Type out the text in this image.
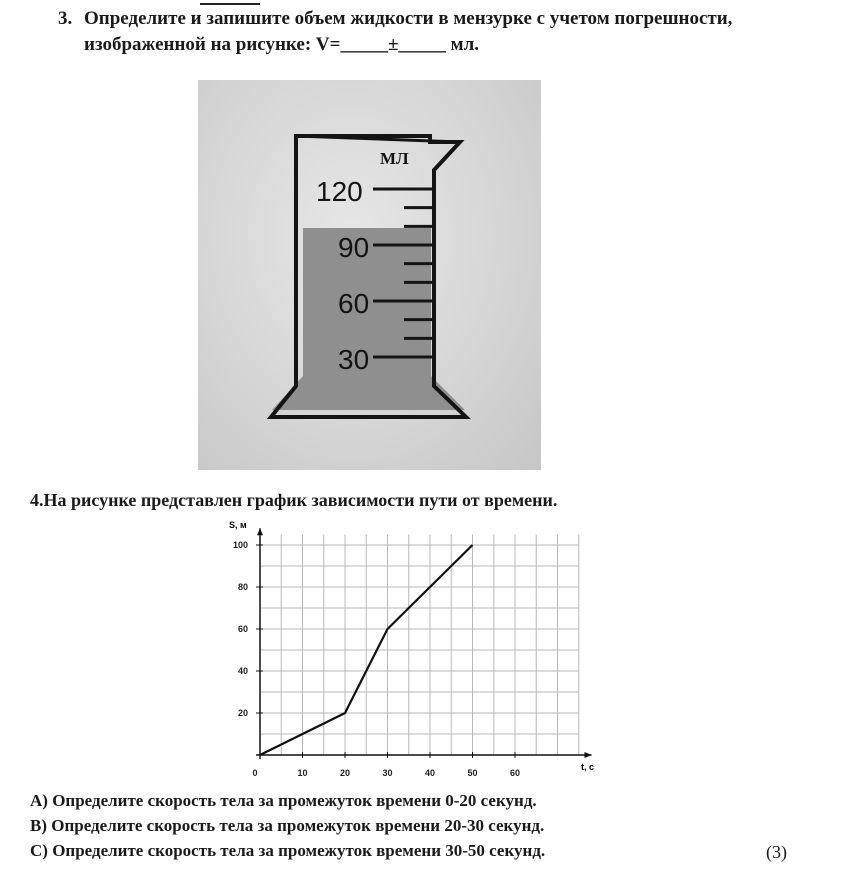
3. Определите и запишите объем жидкости в мензурке с учетом погрешности,
изображенной на рисунке: V=_____±_____ мл.
МЛ
120
90
60
30
4.На рисунке представлен график зависимости пути от времени.
0	10	20	30	40	50	60
20
40
60
80
100
S, м
t, c
А) Определите скорость тела за промежуток времени 0-20 секунд.
В) Определите скорость тела за промежуток времени 20-30 секунд.
С) Определите скорость тела за промежуток времени 30-50 секунд.	(3)
